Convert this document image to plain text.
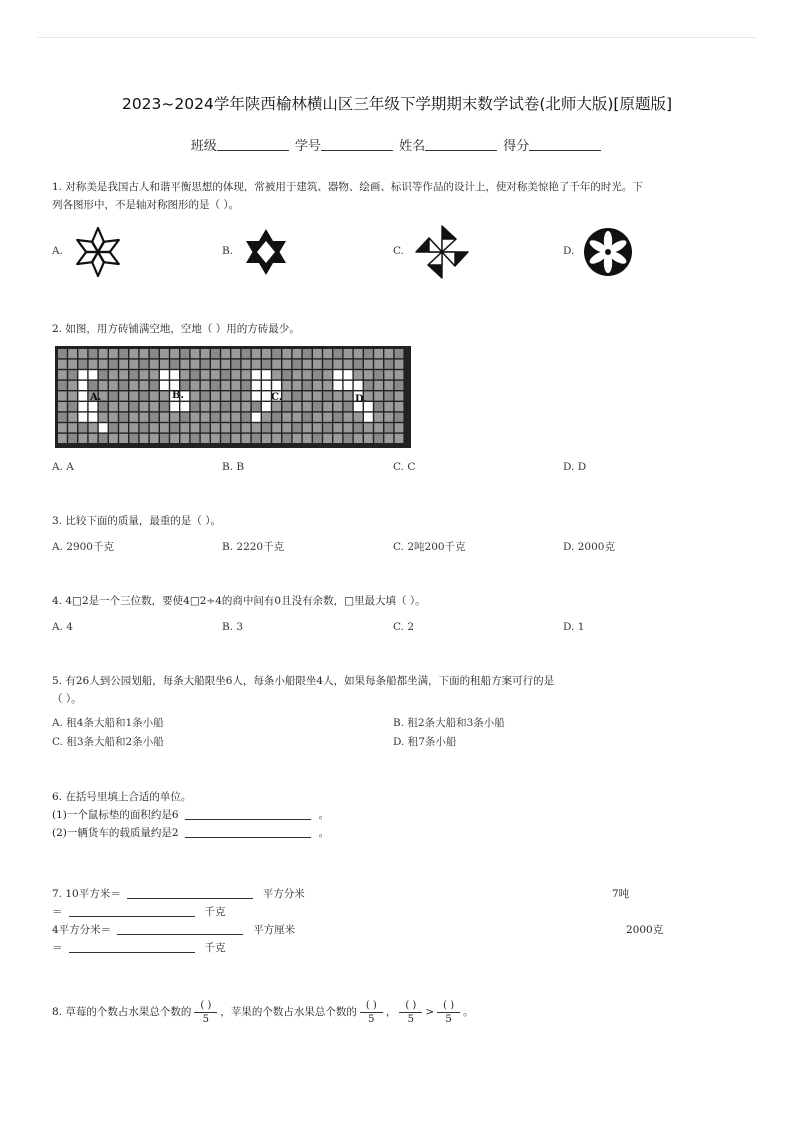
2023~2024学年陕西榆林横山区三年级下学期期末数学试卷(北师大版)[原题版]
班级	学号	姓名	得分
1. 对称美是我国古人和谐平衡思想的体现，常被用于建筑、器物、绘画、标识等作品的设计上，使对称美惊艳了千年的时光。下
列各图形中，不是轴对称图形的是（ ）。
A.	B.	C.	D.
2. 如图，用方砖铺满空地，空地（ ）用的方砖最少。
A.	B.	C.	D.
A. A	B. B	C. C	D. D
3. 比较下面的质量，最重的是（ ）。
A. 2900千克	B. 2220千克	C. 2吨200千克	D. 2000克
4. 4□2是一个三位数，要使4□2÷4的商中间有0且没有余数，□里最大填（ ）。
A. 4	B. 3	C. 2	D. 1
5. 有26人到公园划船，每条大船限坐6人，每条小船限坐4人，如果每条船都坐满，下面的租船方案可行的是
（ ）。
A. 租4条大船和1条小船	B. 租2条大船和3条小船
C. 租3条大船和2条小船	D. 租7条小船
6. 在括号里填上合适的单位。
(1)一个鼠标垫的面积约是6	。
(2)一辆货车的载质量约是2	。
7. 10平方米＝	平方分米	7吨
＝	千克
4平方分米＝	平方厘米	2000克
＝	千克
8. 草莓的个数占水果总个数的 $\frac{( )}{5}$ ，苹果的个数占水果总个数的 $\frac{( )}{5}$ ， $\frac{( )}{5} > \frac{( )}{5}$ 。
